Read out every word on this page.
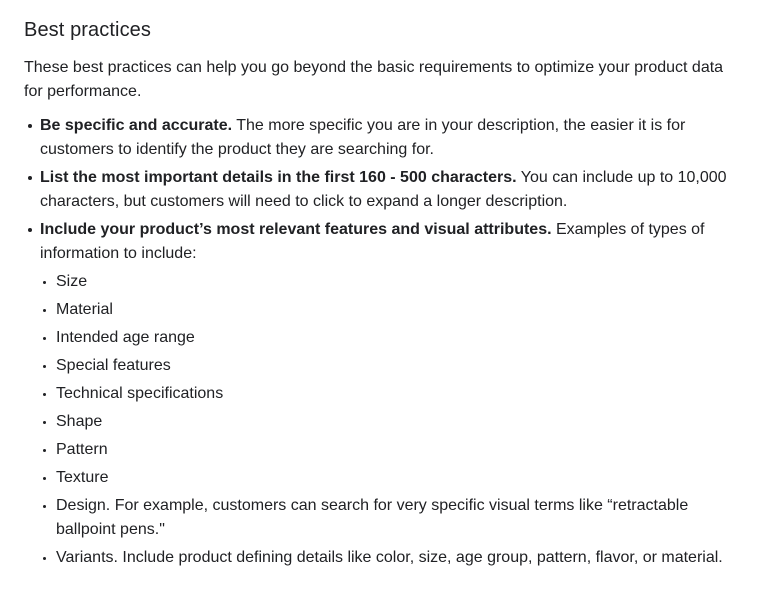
Best practices

These best practices can help you go beyond the basic requirements to optimize your product data for performance.

Be specific and accurate. The more specific you are in your description, the easier it is for customers to identify the product they are searching for.
List the most important details in the first 160 - 500 characters. You can include up to 10,000 characters, but customers will need to click to expand a longer description.
Include your product’s most relevant features and visual attributes. Examples of types of information to include:
Size
Material
Intended age range
Special features
Technical specifications
Shape
Pattern
Texture
Design. For example, customers can search for very specific visual terms like “retractable ballpoint pens."
Variants. Include product defining details like color, size, age group, pattern, flavor, or material.
